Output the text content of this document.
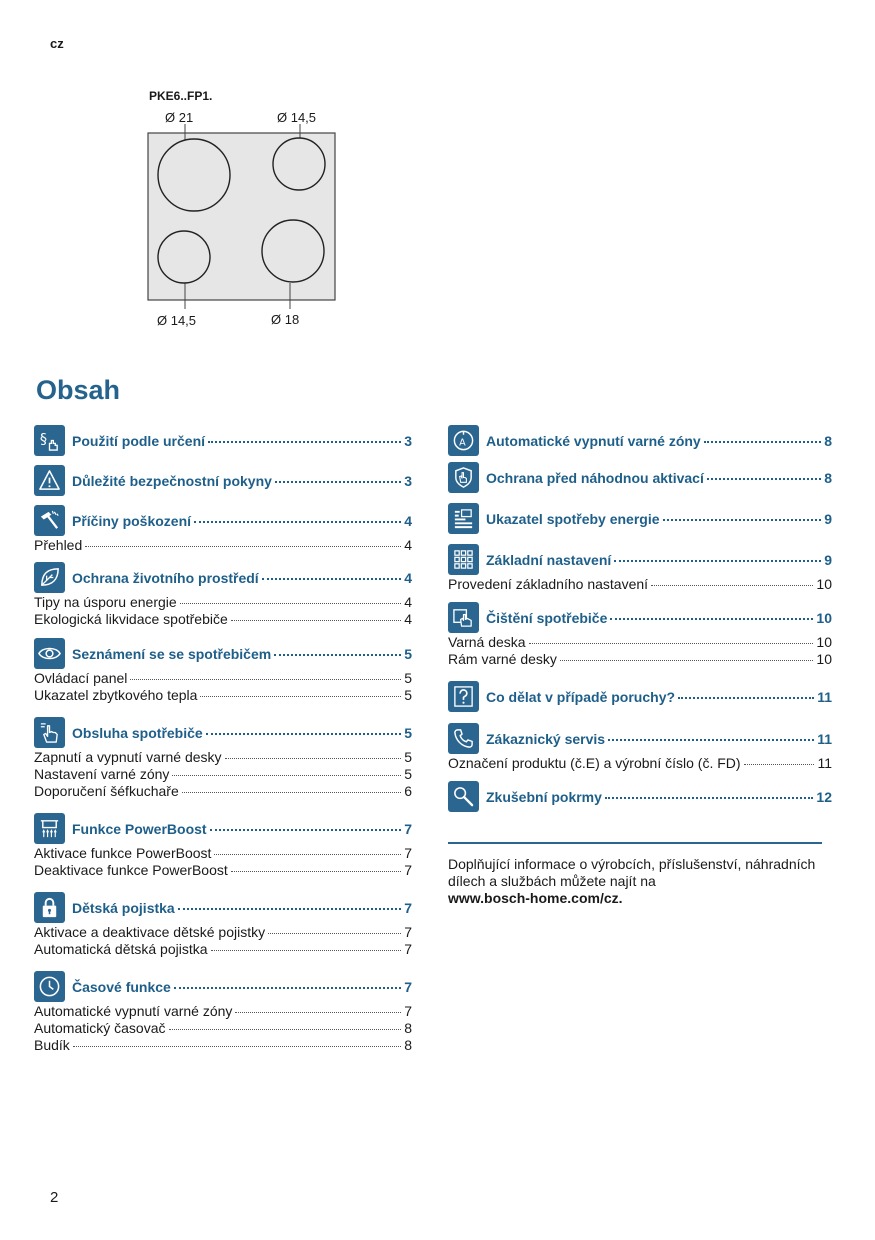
cz
PKE6..FP1.
Ø 21	Ø 14,5
Ø 14,5	Ø 18
Obsah
§ Použití podle určení	3
Důležité bezpečnostní pokyny	3
Příčiny poškození	4
Přehled	4
Ochrana životního prostředí	4
Tipy na úsporu energie	4
Ekologická likvidace spotřebiče	4
Seznámení se se spotřebičem	5
Ovládací panel	5
Ukazatel zbytkového tepla	5
Obsluha spotřebiče	5
Zapnutí a vypnutí varné desky	5
Nastavení varné zóny	5
Doporučení šéfkuchaře	6
Funkce PowerBoost	7
Aktivace funkce PowerBoost	7
Deaktivace funkce PowerBoost	7
Dětská pojistka	7
Aktivace a deaktivace dětské pojistky	7
Automatická dětská pojistka	7
Časové funkce	7
Automatické vypnutí varné zóny	7
Automatický časovač	8
Budík	8
A Automatické vypnutí varné zóny	8
Ochrana před náhodnou aktivací	8
Ukazatel spotřeby energie	9
Základní nastavení	9
Provedení základního nastavení	10
Čištění spotřebiče	10
Varná deska	10
Rám varné desky	10
Co dělat v případě poruchy?	11
Zákaznický servis	11
Označení produktu (č.E) a výrobní číslo (č. FD)	11
Zkušební pokrmy	12
Doplňující informace o výrobcích, příslušenství, náhradních dílech a službách můžete najít na
www.bosch-home.com/cz.
2
